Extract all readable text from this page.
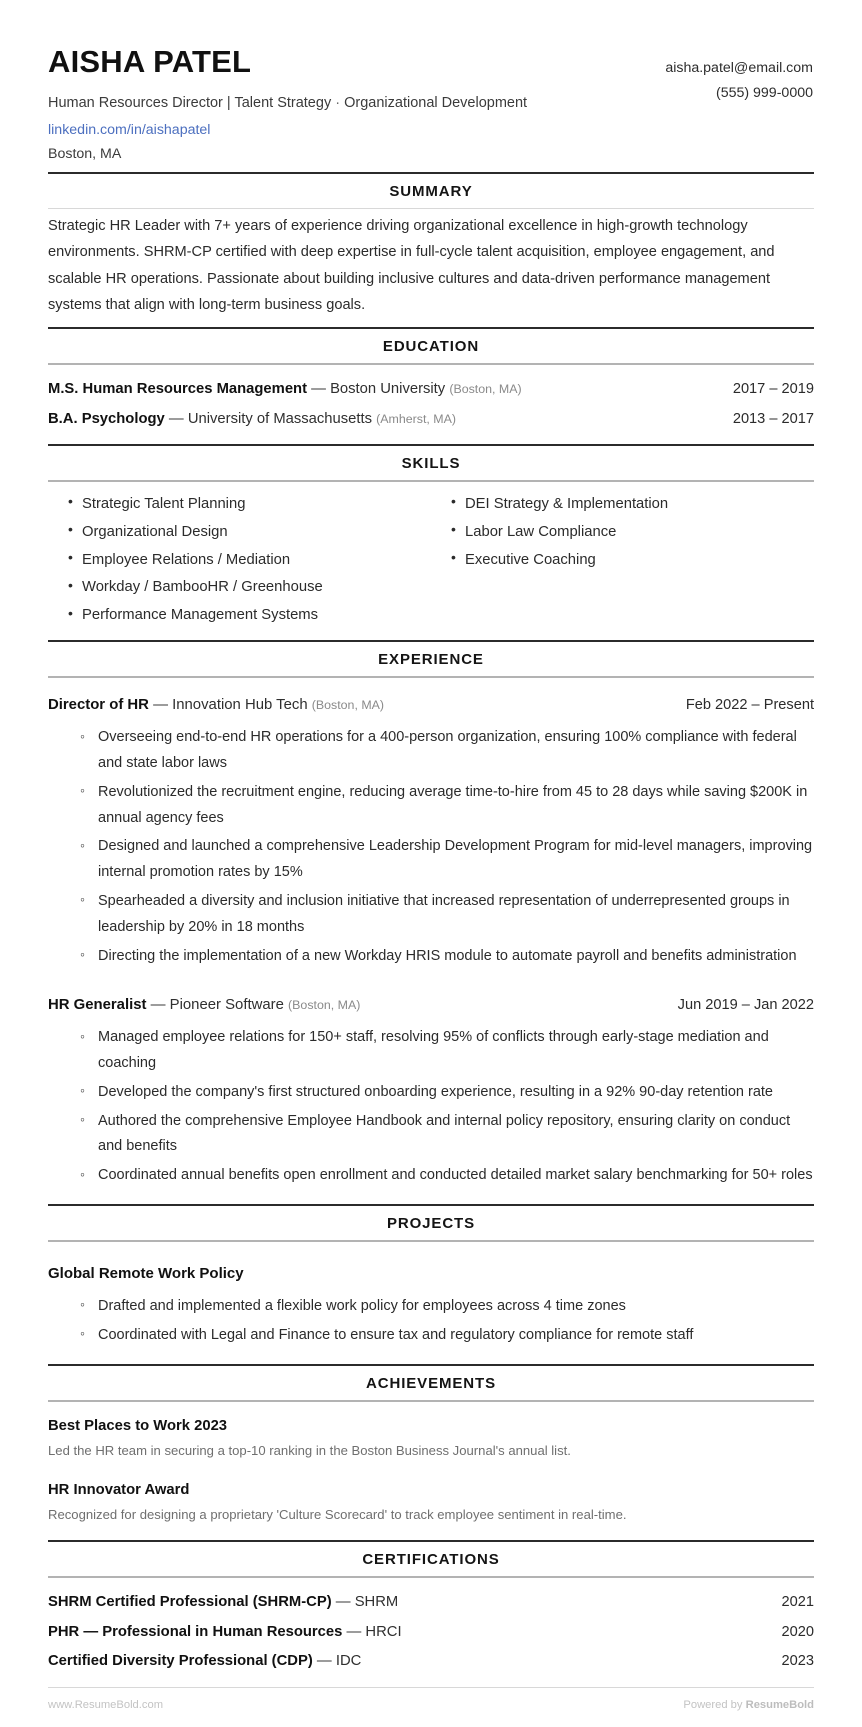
AISHA PATEL
Human Resources Director | Talent Strategy · Organizational Development
linkedin.com/in/aishapatel
Boston, MA
aisha.patel@email.com
(555) 999-0000
SUMMARY
Strategic HR Leader with 7+ years of experience driving organizational excellence in high-growth technology environments. SHRM-CP certified with deep expertise in full-cycle talent acquisition, employee engagement, and scalable HR operations. Passionate about building inclusive cultures and data-driven performance management systems that align with long-term business goals.
EDUCATION
M.S. Human Resources Management — Boston University (Boston, MA)	2017 – 2019
B.A. Psychology — University of Massachusetts (Amherst, MA)	2013 – 2017
SKILLS
• Strategic Talent Planning
• Organizational Design
• Employee Relations / Mediation
• Workday / BambooHR / Greenhouse
• Performance Management Systems
• DEI Strategy & Implementation
• Labor Law Compliance
• Executive Coaching
EXPERIENCE
Director of HR — Innovation Hub Tech (Boston, MA)	Feb 2022 – Present
◦ Overseeing end-to-end HR operations for a 400-person organization, ensuring 100% compliance with federal and state labor laws
◦ Revolutionized the recruitment engine, reducing average time-to-hire from 45 to 28 days while saving $200K in annual agency fees
◦ Designed and launched a comprehensive Leadership Development Program for mid-level managers, improving internal promotion rates by 15%
◦ Spearheaded a diversity and inclusion initiative that increased representation of underrepresented groups in leadership by 20% in 18 months
◦ Directing the implementation of a new Workday HRIS module to automate payroll and benefits administration
HR Generalist — Pioneer Software (Boston, MA)	Jun 2019 – Jan 2022
◦ Managed employee relations for 150+ staff, resolving 95% of conflicts through early-stage mediation and coaching
◦ Developed the company's first structured onboarding experience, resulting in a 92% 90-day retention rate
◦ Authored the comprehensive Employee Handbook and internal policy repository, ensuring clarity on conduct and benefits
◦ Coordinated annual benefits open enrollment and conducted detailed market salary benchmarking for 50+ roles
PROJECTS
Global Remote Work Policy
◦ Drafted and implemented a flexible work policy for employees across 4 time zones
◦ Coordinated with Legal and Finance to ensure tax and regulatory compliance for remote staff
ACHIEVEMENTS
Best Places to Work 2023
Led the HR team in securing a top-10 ranking in the Boston Business Journal's annual list.
HR Innovator Award
Recognized for designing a proprietary 'Culture Scorecard' to track employee sentiment in real-time.
CERTIFICATIONS
SHRM Certified Professional (SHRM-CP) — SHRM	2021
PHR — Professional in Human Resources — HRCI	2020
Certified Diversity Professional (CDP) — IDC	2023
www.ResumeBold.com	Powered by ResumeBold
